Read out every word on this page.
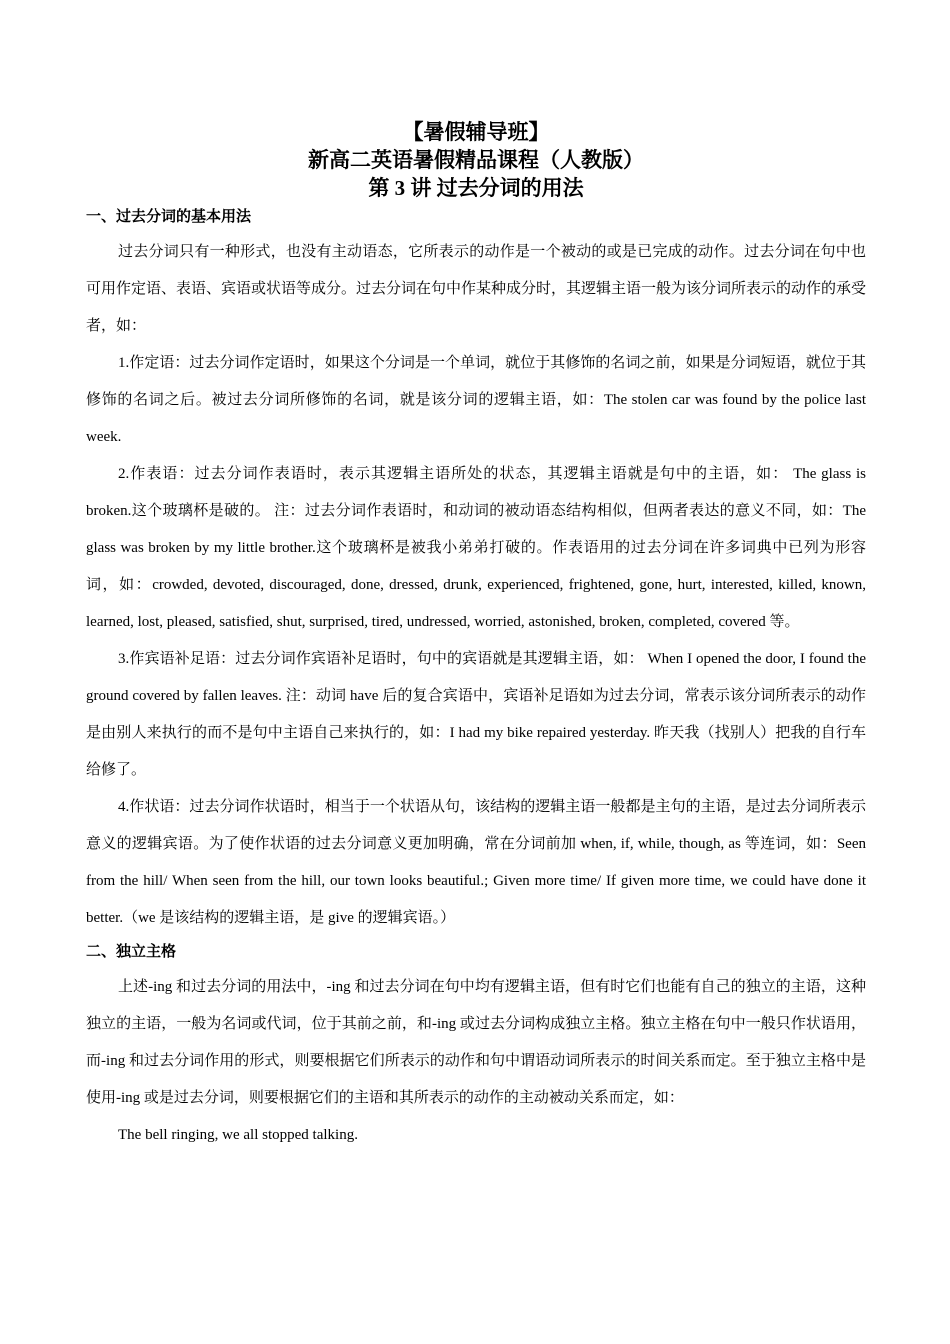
【暑假辅导班】
新高二英语暑假精品课程（人教版）
第 3 讲 过去分词的用法
一、过去分词的基本用法

过去分词只有一种形式，也没有主动语态，它所表示的动作是一个被动的或是已完成的动作。过去分词在句中也可用作定语、表语、宾语或状语等成分。过去分词在句中作某种成分时，其逻辑主语一般为该分词所表示的动作的承受者，如：

1.作定语：过去分词作定语时，如果这个分词是一个单词，就位于其修饰的名词之前，如果是分词短语，就位于其修饰的名词之后。被过去分词所修饰的名词，就是该分词的逻辑主语，如：The stolen car was found by the police last week.

2.作表语：过去分词作表语时，表示其逻辑主语所处的状态，其逻辑主语就是句中的主语，如： The glass is broken.这个玻璃杯是破的。 注：过去分词作表语时，和动词的被动语态结构相似，但两者表达的意义不同，如：The glass was broken by my little brother.这个玻璃杯是被我小弟弟打破的。作表语用的过去分词在许多词典中已列为形容词，如：crowded, devoted, discouraged, done, dressed, drunk, experienced, frightened, gone, hurt, interested, killed, known, learned, lost, pleased, satisfied, shut, surprised, tired, undressed, worried, astonished, broken, completed, covered 等。

3.作宾语补足语：过去分词作宾语补足语时，句中的宾语就是其逻辑主语，如： When I opened the door, I found the ground covered by fallen leaves. 注：动词 have 后的复合宾语中，宾语补足语如为过去分词，常表示该分词所表示的动作是由别人来执行的而不是句中主语自己来执行的，如：I had my bike repaired yesterday. 昨天我（找别人）把我的自行车给修了。

4.作状语：过去分词作状语时，相当于一个状语从句，该结构的逻辑主语一般都是主句的主语，是过去分词所表示意义的逻辑宾语。为了使作状语的过去分词意义更加明确，常在分词前加 when, if, while, though, as 等连词，如：Seen from the hill/ When seen from the hill, our town looks beautiful.; Given more time/ If given more time, we could have done it better.（we 是该结构的逻辑主语，是 give 的逻辑宾语。）

二、独立主格

上述-ing 和过去分词的用法中，-ing 和过去分词在句中均有逻辑主语，但有时它们也能有自己的独立的主语，这种独立的主语，一般为名词或代词，位于其前之前，和-ing 或过去分词构成独立主格。独立主格在句中一般只作状语用，而-ing 和过去分词作用的形式，则要根据它们所表示的动作和句中谓语动词所表示的时间关系而定。至于独立主格中是使用-ing 或是过去分词，则要根据它们的主语和其所表示的动作的主动被动关系而定，如：

The bell ringing, we all stopped talking.
